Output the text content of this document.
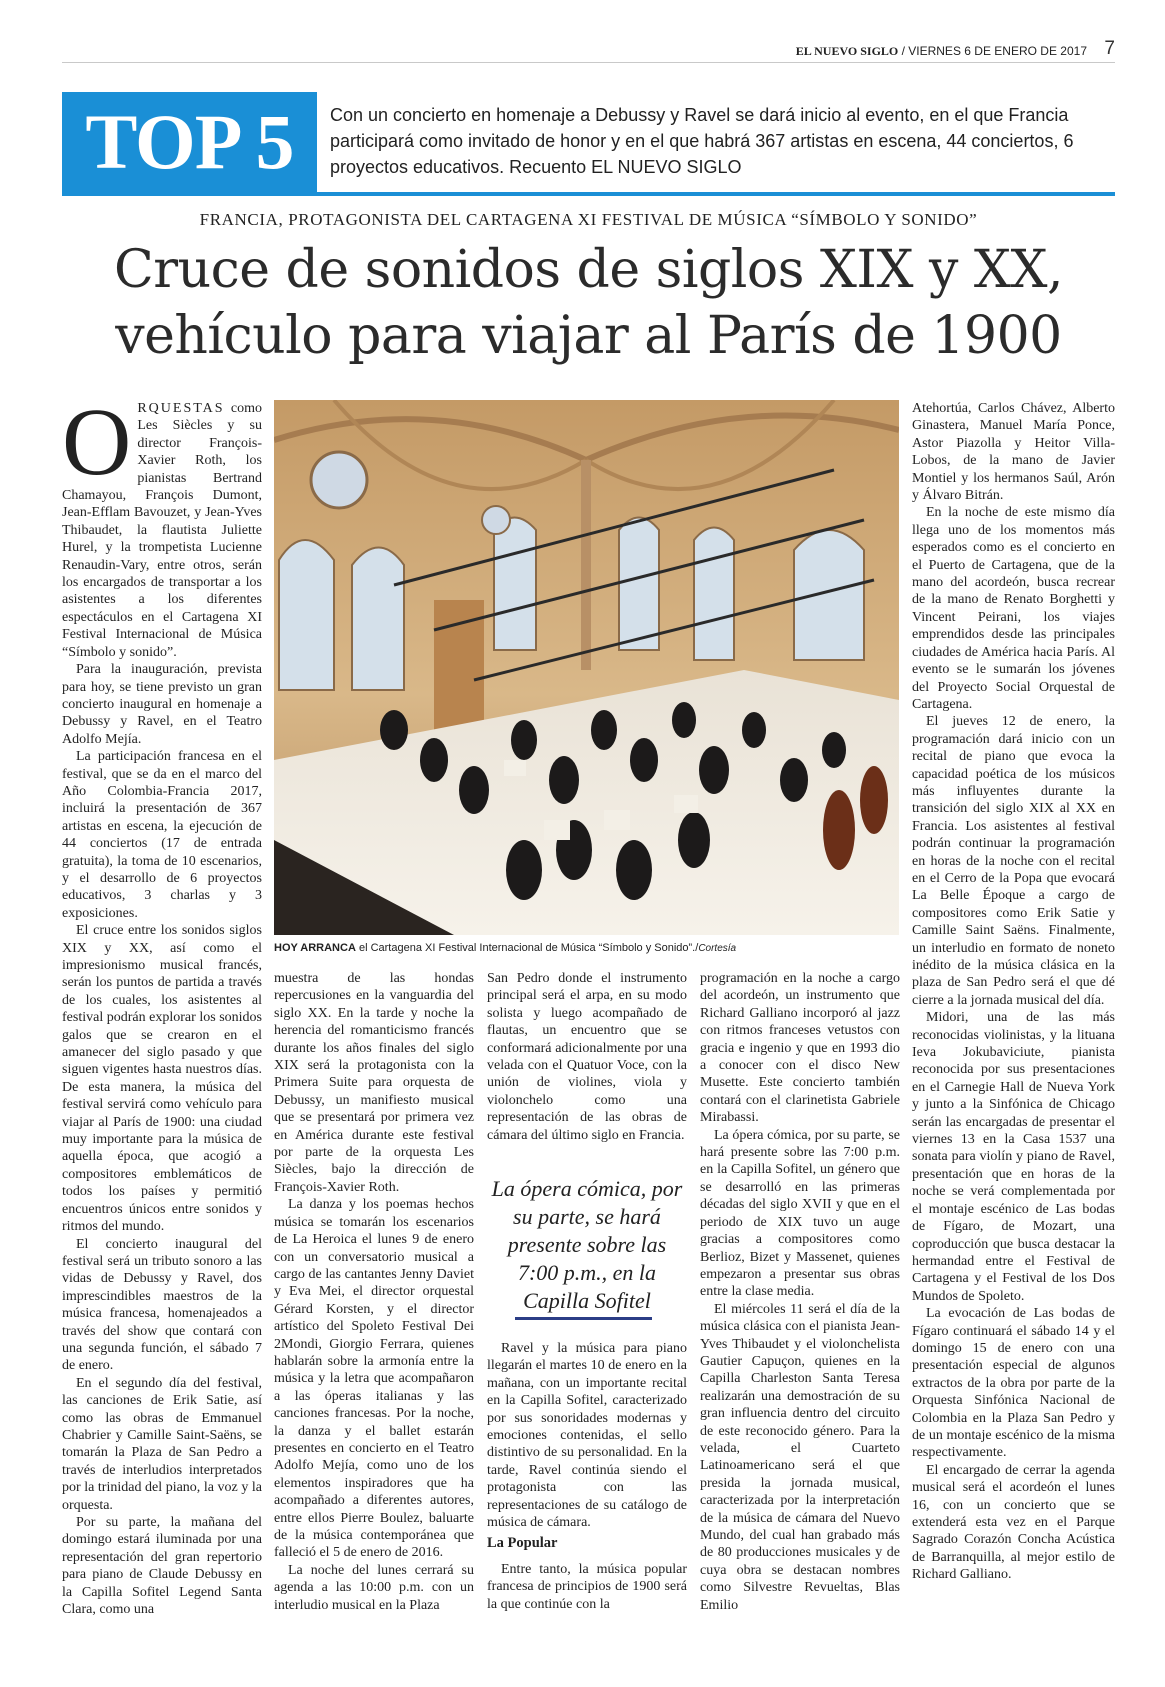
EL NUEVO SIGLO / VIERNES 6 DE ENERO DE 2017 7
TOP 5	Con un concierto en homenaje a Debussy y Ravel se dará inicio al evento, en el que Francia participará como invitado de honor y en el que habrá 367 artistas en escena, 44 conciertos, 6 proyectos educativos. Recuento EL NUEVO SIGLO
FRANCIA, PROTAGONISTA DEL CARTAGENA XI FESTIVAL DE MÚSICA “SÍMBOLO Y SONIDO”
Cruce de sonidos de siglos XIX y XX,
vehículo para viajar al París de 1900

ORQUESTAS como Les Siècles y su director François-Xavier Roth, los pianistas Bertrand Chamayou, François Dumont, Jean-Efflam Bavouzet, y Jean-Yves Thibaudet, la flautista Juliette Hurel, y la trompetista Lucienne Renaudin-Vary, entre otros, serán los encargados de transportar a los asistentes a los diferentes espectáculos en el Cartagena XI Festival Internacional de Música “Símbolo y sonido”.

Para la inauguración, prevista para hoy, se tiene previsto un gran concierto inaugural en homenaje a Debussy y Ravel, en el Teatro Adolfo Mejía.

La participación francesa en el festival, que se da en el marco del Año Colombia-Francia 2017, incluirá la presentación de 367 artistas en escena, la ejecución de 44 conciertos (17 de entrada gratuita), la toma de 10 escenarios, y el desarrollo de 6 proyectos educativos, 3 charlas y 3 exposiciones.

El cruce entre los sonidos siglos XIX y XX, así como el impresionismo musical francés, serán los puntos de partida a través de los cuales, los asistentes al festival podrán explorar los sonidos galos que se crearon en el amanecer del siglo pasado y que siguen vigentes hasta nuestros días. De esta manera, la música del festival servirá como vehículo para viajar al París de 1900: una ciudad muy importante para la música de aquella época, que acogió a compositores emblemáticos de todos los países y permitió encuentros únicos entre sonidos y ritmos del mundo.

El concierto inaugural del festival será un tributo sonoro a las vidas de Debussy y Ravel, dos imprescindibles maestros de la música francesa, homenajeados a través del show que contará con una segunda función, el sábado 7 de enero.

En el segundo día del festival, las canciones de Erik Satie, así como las obras de Emmanuel Chabrier y Camille Saint-Saëns, se tomarán la Plaza de San Pedro a través de interludios interpretados por la trinidad del piano, la voz y la orquesta.

Por su parte, la mañana del domingo estará iluminada por una representación del gran repertorio para piano de Claude Debussy en la Capilla Sofitel Legend Santa Clara, como una

HOY ARRANCA el Cartagena XI Festival Internacional de Música “Símbolo y Sonido”./Cortesía

muestra de las hondas repercusiones en la vanguardia del siglo XX. En la tarde y noche la herencia del romanticismo francés durante los años finales del siglo XIX será la protagonista con la Primera Suite para orquesta de Debussy, un manifiesto musical que se presentará por primera vez en América durante este festival por parte de la orquesta Les Siècles, bajo la dirección de François-Xavier Roth.

La danza y los poemas hechos música se tomarán los escenarios de La Heroica el lunes 9 de enero con un conversatorio musical a cargo de las cantantes Jenny Daviet y Eva Mei, el director orquestal Gérard Korsten, y el director artístico del Spoleto Festival Dei 2Mondi, Giorgio Ferrara, quienes hablarán sobre la armonía entre la música y la letra que acompañaron a las óperas italianas y las canciones francesas. Por la noche, la danza y el ballet estarán presentes en concierto en el Teatro Adolfo Mejía, como uno de los elementos inspiradores que ha acompañado a diferentes autores, entre ellos Pierre Boulez, baluarte de la música contemporánea que falleció el 5 de enero de 2016.

La noche del lunes cerrará su agenda a las 10:00 p.m. con un interludio musical en la Plaza

San Pedro donde el instrumento principal será el arpa, en su modo solista y luego acompañado de flautas, un encuentro que se conformará adicionalmente por una velada con el Quatuor Voce, con la unión de violines, viola y violonchelo como una representación de las obras de cámara del último siglo en Francia.

La ópera cómica, por su parte, se hará presente sobre las 7:00 p.m., en la Capilla Sofitel

Ravel y la música para piano llegarán el martes 10 de enero en la mañana, con un importante recital en la Capilla Sofitel, caracterizado por sus sonoridades modernas y emociones contenidas, el sello distintivo de su personalidad. En la tarde, Ravel continúa siendo el protagonista con las representaciones de su catálogo de música de cámara.

La Popular

Entre tanto, la música popular francesa de principios de 1900 será la que continúe con la

programación en la noche a cargo del acordeón, un instrumento que Richard Galliano incorporó al jazz con ritmos franceses vetustos con gracia e ingenio y que en 1993 dio a conocer con el disco New Musette. Este concierto también contará con el clarinetista Gabriele Mirabassi.

La ópera cómica, por su parte, se hará presente sobre las 7:00 p.m. en la Capilla Sofitel, un género que se desarrolló en las primeras décadas del siglo XVII y que en el periodo de XIX tuvo un auge gracias a compositores como Berlioz, Bizet y Massenet, quienes empezaron a presentar sus obras entre la clase media.

El miércoles 11 será el día de la música clásica con el pianista Jean-Yves Thibaudet y el violonchelista Gautier Capuçon, quienes en la Capilla Charleston Santa Teresa realizarán una demostración de su gran influencia dentro del circuito de este reconocido género. Para la velada, el Cuarteto Latinoamericano será el que presida la jornada musical, caracterizada por la interpretación de la música de cámara del Nuevo Mundo, del cual han grabado más de 80 producciones musicales y de cuya obra se destacan nombres como Silvestre Revueltas, Blas Emilio

Atehortúa, Carlos Chávez, Alberto Ginastera, Manuel María Ponce, Astor Piazolla y Heitor Villa-Lobos, de la mano de Javier Montiel y los hermanos Saúl, Arón y Álvaro Bitrán.

En la noche de este mismo día llega uno de los momentos más esperados como es el concierto en el Puerto de Cartagena, que de la mano del acordeón, busca recrear de la mano de Renato Borghetti y Vincent Peirani, los viajes emprendidos desde las principales ciudades de América hacia París. Al evento se le sumarán los jóvenes del Proyecto Social Orquestal de Cartagena.

El jueves 12 de enero, la programación dará inicio con un recital de piano que evoca la capacidad poética de los músicos más influyentes durante la transición del siglo XIX al XX en Francia. Los asistentes al festival podrán continuar la programación en horas de la noche con el recital en el Cerro de la Popa que evocará La Belle Époque a cargo de compositores como Erik Satie y Camille Saint Saëns. Finalmente, un interludio en formato de noneto inédito de la música clásica en la plaza de San Pedro será el que dé cierre a la jornada musical del día.

Midori, una de las más reconocidas violinistas, y la lituana Ieva Jokubaviciute, pianista reconocida por sus presentaciones en el Carnegie Hall de Nueva York y junto a la Sinfónica de Chicago serán las encargadas de presentar el viernes 13 en la Casa 1537 una sonata para violín y piano de Ravel, presentación que en horas de la noche se verá complementada por el montaje escénico de Las bodas de Fígaro, de Mozart, una coproducción que busca destacar la hermandad entre el Festival de Cartagena y el Festival de los Dos Mundos de Spoleto.

La evocación de Las bodas de Fígaro continuará el sábado 14 y el domingo 15 de enero con una presentación especial de algunos extractos de la obra por parte de la Orquesta Sinfónica Nacional de Colombia en la Plaza San Pedro y de un montaje escénico de la misma respectivamente.

El encargado de cerrar la agenda musical será el acordeón el lunes 16, con un concierto que se extenderá esta vez en el Parque Sagrado Corazón Concha Acústica de Barranquilla, al mejor estilo de Richard Galliano.
